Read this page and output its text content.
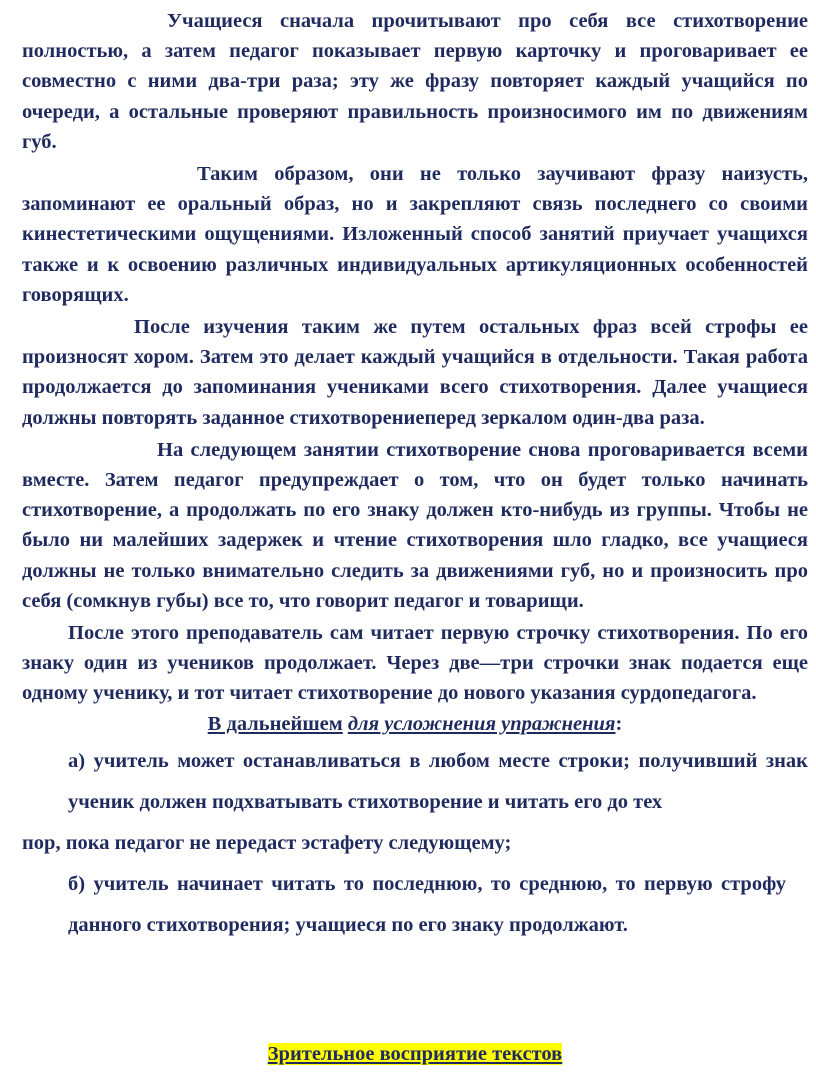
Учащиеся сначала прочитывают про себя все стихотворение полностью, а затем педагог показывает первую карточку и проговаривает ее совместно с ними два-три раза; эту же фразу повторяет каждый учащийся по очереди, а остальные проверяют правильность произносимого им по движениям губ.

Таким образом, они не только заучивают фразу наизусть, запоминают ее оральный образ, но и закрепляют связь последнего со своими кинестетическими ощущениями. Изложенный способ занятий приучает учащихся также и к освоению различных индивидуальных артикуляционных особенностей говорящих.

После изучения таким же путем остальных фраз всей строфы ее произносят хором. Затем это делает каждый учащийся в отдельности. Такая работа продолжается до запоминания учениками всего стихотворения. Далее учащиеся должны повторять заданное стихотворениеперед зеркалом один-два раза.

На следующем занятии стихотворение снова проговаривается всеми вместе. Затем педагог предупреждает о том, что он будет только начинать стихотворение, а продолжать по его знаку должен кто-нибудь из группы. Чтобы не было ни малейших задержек и чтение стихотворения шло гладко, все учащиеся должны не только внимательно следить за движениями губ, но и произносить про себя (сомкнув губы) все то, что говорит педагог и товарищи.

После этого преподаватель сам читает первую строчку стихотворения. По его знаку один из учеников продолжает. Через две—три строчки знак подается еще одному ученику, и тот читает стихотворение до нового указания сурдопедагога.

В дальнейшем для усложнения упражнения:

а) учитель может останавливаться в любом месте строки; получивший знак ученик должен подхватывать стихотворение и читать его до тех

пор, пока педагог не передаст эстафету следующему;

б) учитель начинает читать то последнюю, то среднюю, то первую строфу данного стихотворения; учащиеся по его знаку продолжают.

Зрительное восприятие текстов
